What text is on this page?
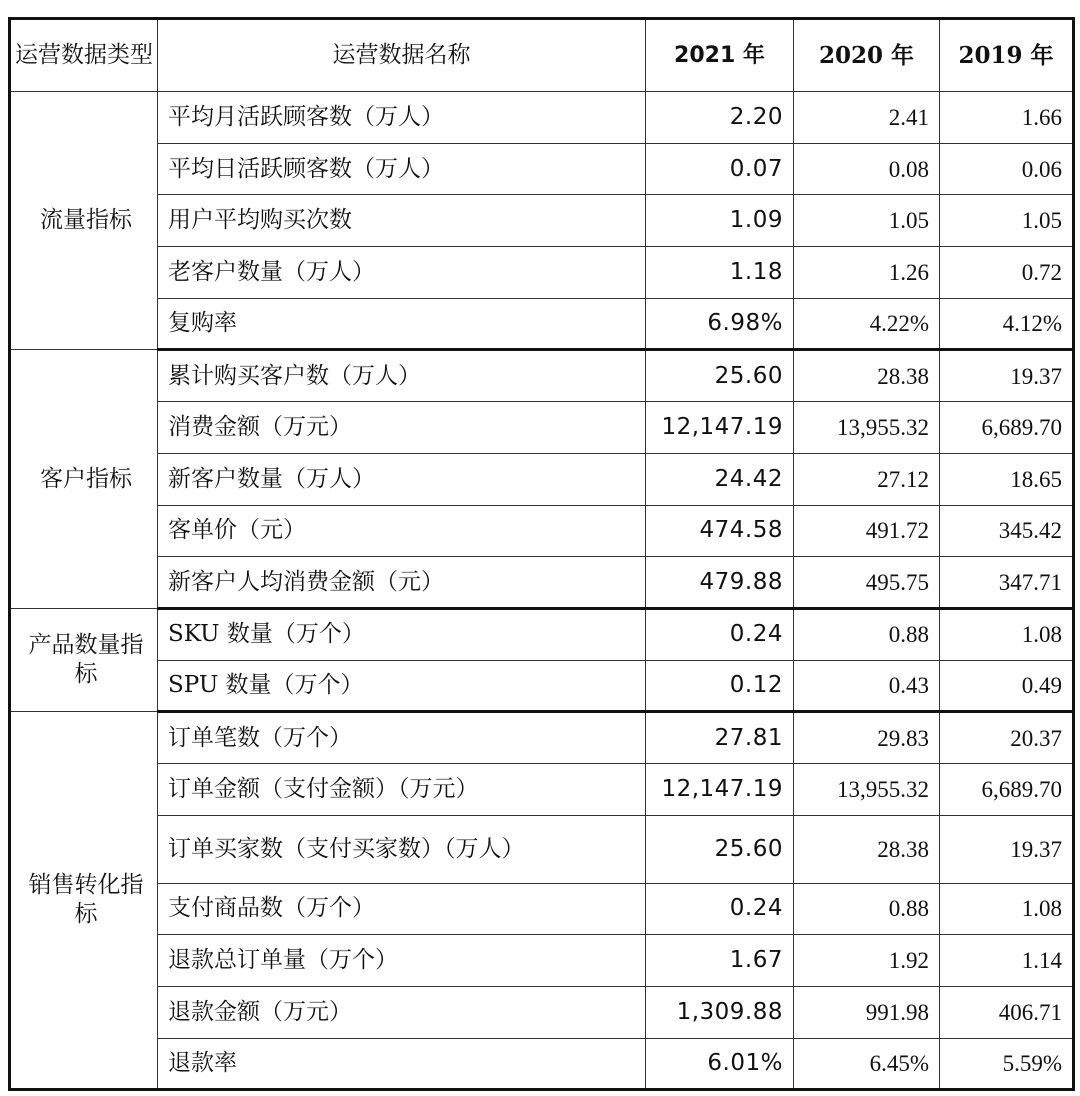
运营数据类型	运营数据名称	2021 年	2020 年	2019 年
流量指标	平均月活跃顾客数（万人）	2.20	2.41	1.66
	平均日活跃顾客数（万人）	0.07	0.08	0.06
	用户平均购买次数	1.09	1.05	1.05
	老客户数量（万人）	1.18	1.26	0.72
	复购率	6.98%	4.22%	4.12%
客户指标	累计购买客户数（万人）	25.60	28.38	19.37
	消费金额（万元）	12,147.19	13,955.32	6,689.70
	新客户数量（万人）	24.42	27.12	18.65
	客单价（元）	474.58	491.72	345.42
	新客户人均消费金额（元）	479.88	495.75	347.71
产品数量指标	SKU 数量（万个）	0.24	0.88	1.08
	SPU 数量（万个）	0.12	0.43	0.49
销售转化指标	订单笔数（万个）	27.81	29.83	20.37
	订单金额（支付金额）（万元）	12,147.19	13,955.32	6,689.70
	订单买家数（支付买家数）（万人）	25.60	28.38	19.37
	支付商品数（万个）	0.24	0.88	1.08
	退款总订单量（万个）	1.67	1.92	1.14
	退款金额（万元）	1,309.88	991.98	406.71
	退款率	6.01%	6.45%	5.59%
